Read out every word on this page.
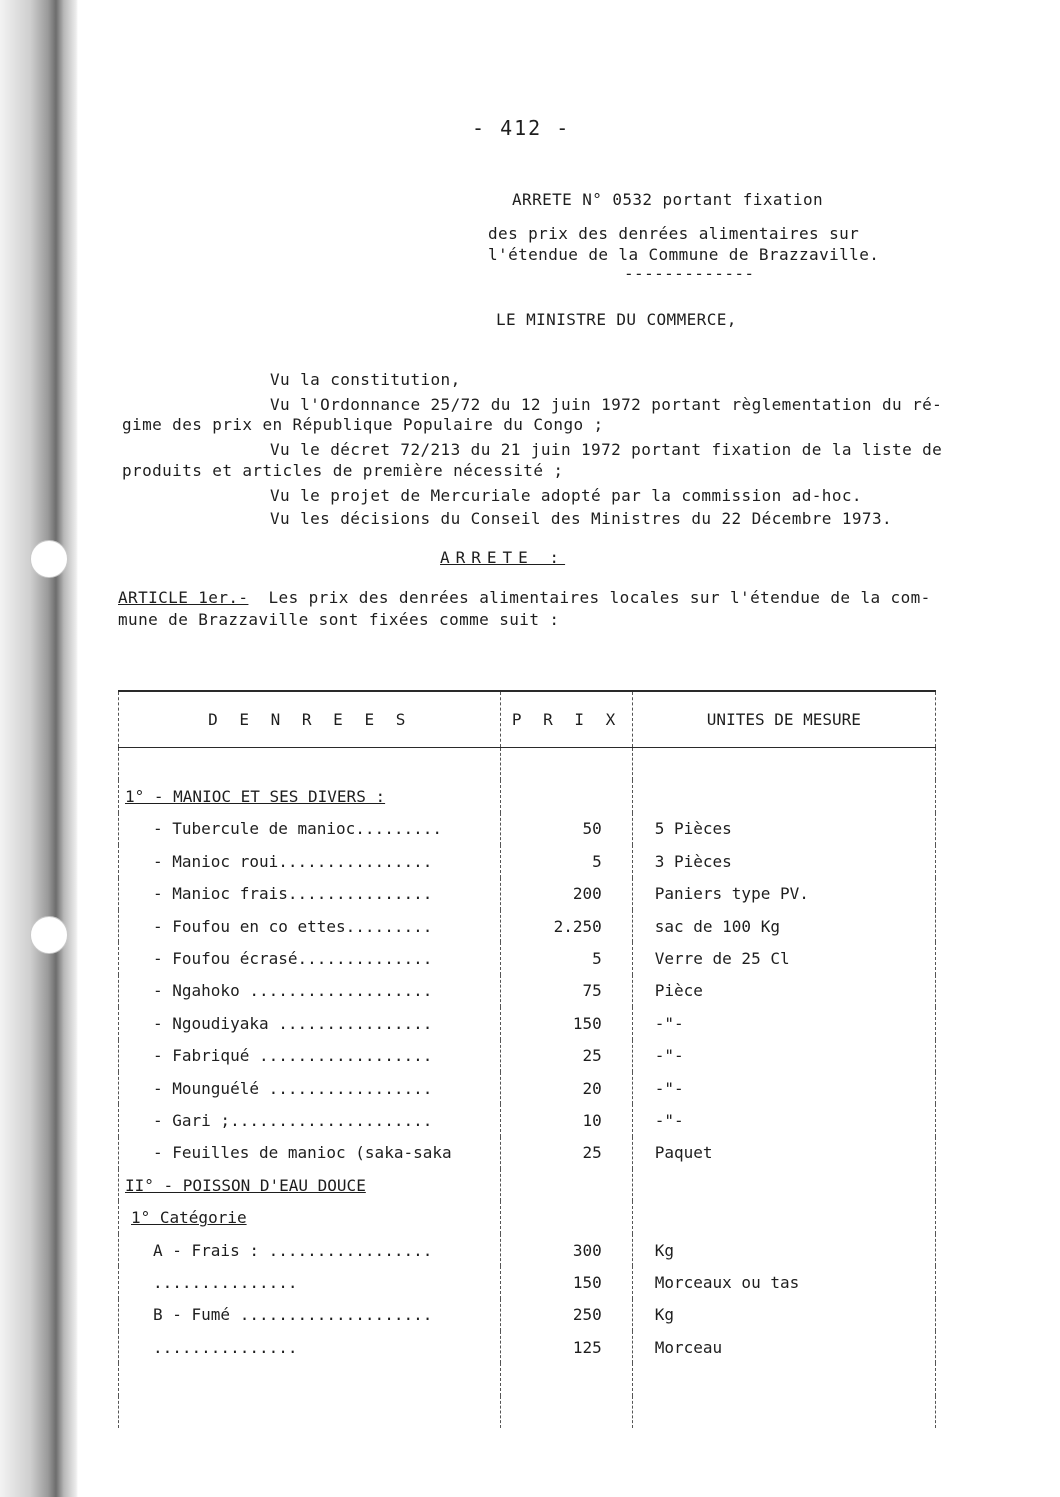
- 412 -
ARRETE N° 0532 portant fixation
des prix des denrées alimentaires sur
l'étendue de la Commune de Brazzaville.
-------------
LE MINISTRE DU COMMERCE,
Vu la constitution,
Vu l'Ordonnance 25/72 du 12 juin 1972 portant règlementation du ré-
gime des prix en République Populaire du Congo ;
Vu le décret 72/213 du 21 juin 1972 portant fixation de la liste de
produits et articles de première nécessité ;
Vu le projet de Mercuriale adopté par la commission ad-hoc.
Vu les décisions du Conseil des Ministres du 22 Décembre 1973.
ARRETE :
ARTICLE 1er.-  Les prix des denrées alimentaires locales sur l'étendue de la com-
mune de Brazzaville sont fixées comme suit :
D E N R E E S	P R I X	UNITES DE MESURE

1° - MANIOC ET SES DIVERS :		
- Tubercule de manioc.........	50	5 Pièces
- Manioc roui................	5	3 Pièces
- Manioc frais...............	200	Paniers type PV.
- Foufou en co ettes.........	2.250	sac de 100 Kg
- Foufou écrasé..............	5	Verre de 25 Cl
- Ngahoko ...................	75	Pièce
- Ngoudiyaka ................	150	-"-
- Fabriqué ..................	25	-"-
- Mounguélé .................	20	-"-
- Gari ;.....................	10	-"-
- Feuilles de manioc (saka-saka	25	Paquet
II° - POISSON D'EAU DOUCE		
1° Catégorie		
A - Frais : .................	300	Kg
...............	150	Morceaux ou tas
B - Fumé ....................	250	Kg
...............	125	Morceau
